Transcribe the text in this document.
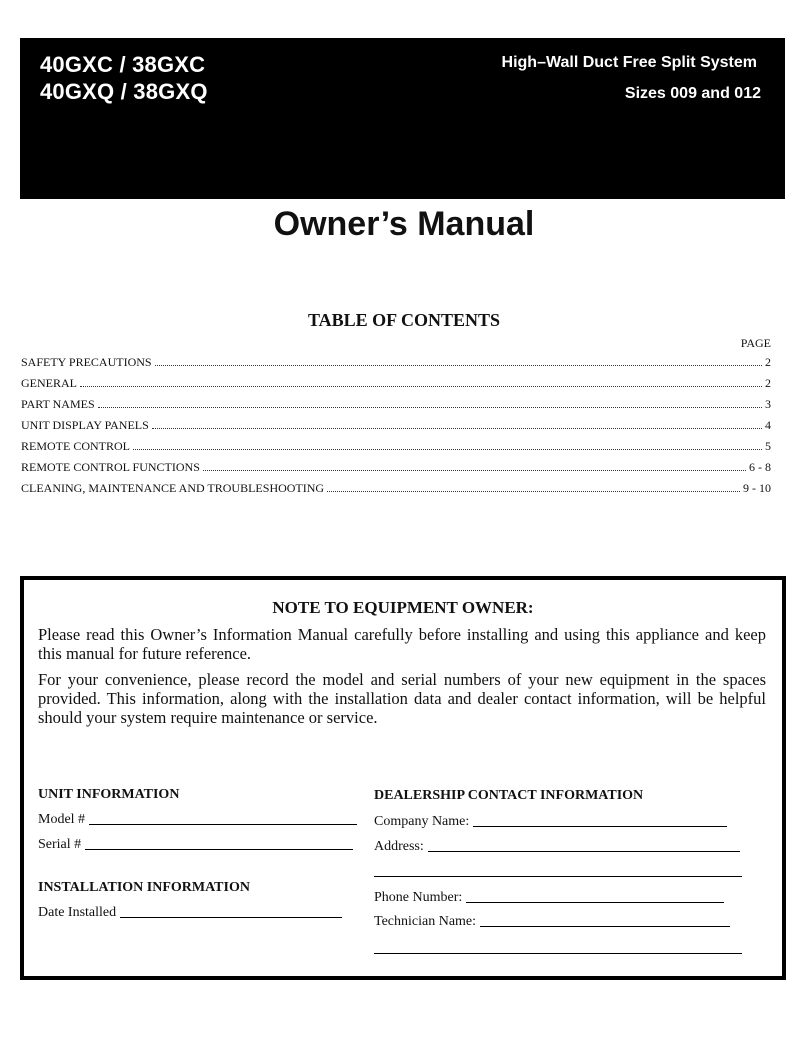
40GXC / 38GXC
40GXQ / 38GXQ
High–Wall Duct Free Split System
Sizes 009 and 012
Owner’s Manual
TABLE OF CONTENTS
PAGE
SAFETY PRECAUTIONS	2
GENERAL	2
PART NAMES	3
UNIT DISPLAY PANELS	4
REMOTE CONTROL	5
REMOTE CONTROL FUNCTIONS	6 - 8
CLEANING, MAINTENANCE AND TROUBLESHOOTING	9 - 10
NOTE TO EQUIPMENT OWNER:
Please read this Owner’s Information Manual carefully before installing and using this appliance and keep this manual for future reference.
For your convenience, please record the model and serial numbers of your new equipment in the spaces provided. This information, along with the installation data and dealer contact information, will be helpful should your system require maintenance or service.
UNIT INFORMATION
Model #
Serial #
INSTALLATION INFORMATION
Date Installed
DEALERSHIP CONTACT INFORMATION
Company Name:
Address:
Phone Number:
Technician Name:
